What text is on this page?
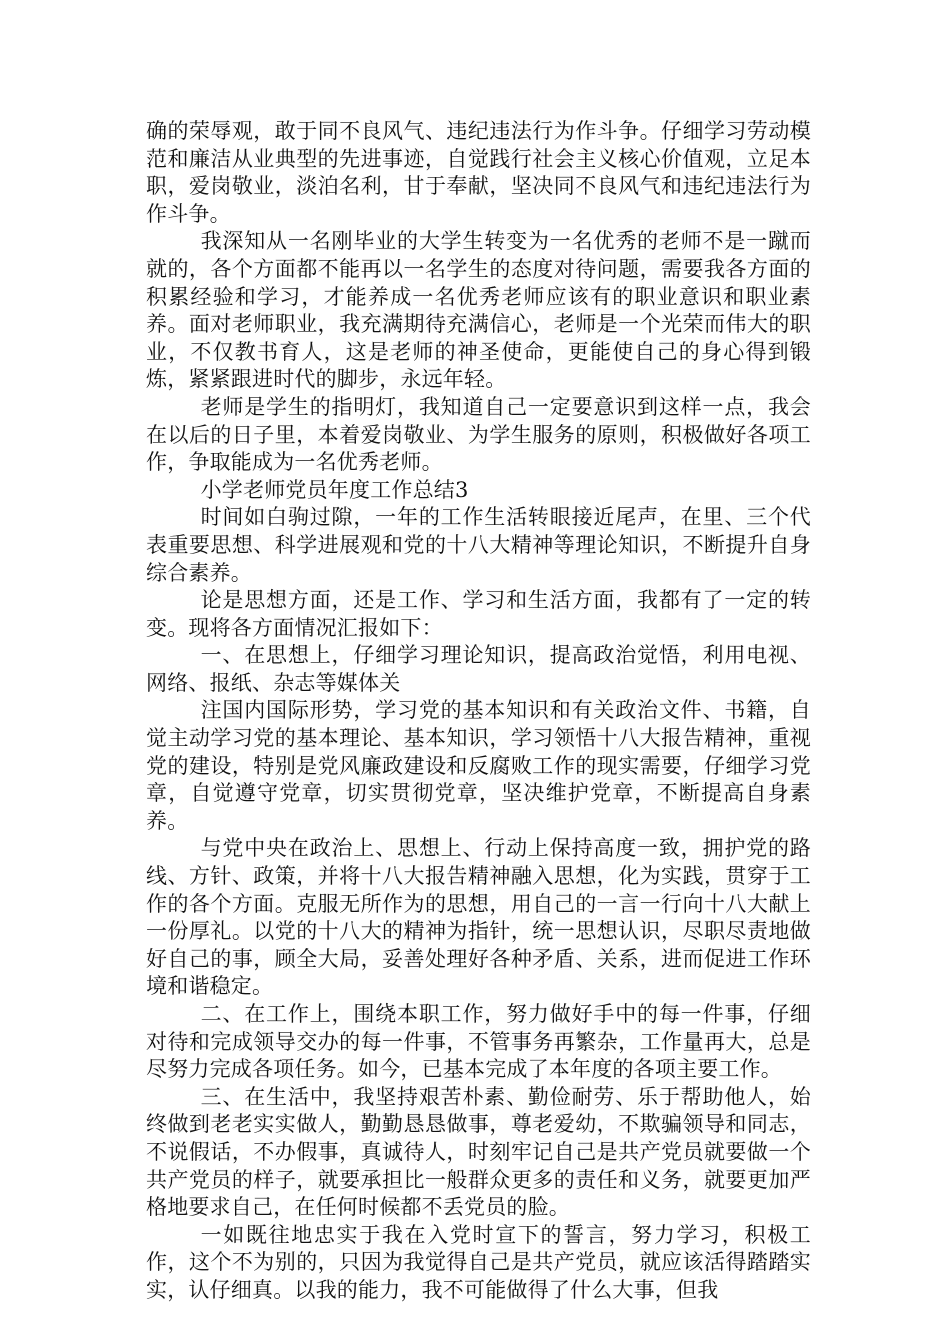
确的荣辱观，敢于同不良风气、违纪违法行为作斗争。仔细学习劳动模范和廉洁从业典型的先进事迹，自觉践行社会主义核心价值观，立足本职，爱岗敬业，淡泊名利，甘于奉献，坚决同不良风气和违纪违法行为作斗争。

我深知从一名刚毕业的大学生转变为一名优秀的老师不是一蹴而就的，各个方面都不能再以一名学生的态度对待问题，需要我各方面的积累经验和学习，才能养成一名优秀老师应该有的职业意识和职业素养。面对老师职业，我充满期待充满信心，老师是一个光荣而伟大的职业，不仅教书育人，这是老师的神圣使命，更能使自己的身心得到锻炼，紧紧跟进时代的脚步，永远年轻。

老师是学生的指明灯，我知道自己一定要意识到这样一点，我会在以后的日子里，本着爱岗敬业、为学生服务的原则，积极做好各项工作，争取能成为一名优秀老师。

小学老师党员年度工作总结3

时间如白驹过隙，一年的工作生活转眼接近尾声，在里、三个代表重要思想、科学进展观和党的十八大精神等理论知识，不断提升自身综合素养。

论是思想方面，还是工作、学习和生活方面，我都有了一定的转变。现将各方面情况汇报如下：

一、在思想上，仔细学习理论知识，提高政治觉悟，利用电视、网络、报纸、杂志等媒体关

注国内国际形势，学习党的基本知识和有关政治文件、书籍，自觉主动学习党的基本理论、基本知识，学习领悟十八大报告精神，重视党的建设，特别是党风廉政建设和反腐败工作的现实需要，仔细学习党章，自觉遵守党章，切实贯彻党章，坚决维护党章，不断提高自身素养。

与党中央在政治上、思想上、行动上保持高度一致，拥护党的路线、方针、政策，并将十八大报告精神融入思想，化为实践，贯穿于工作的各个方面。克服无所作为的思想，用自己的一言一行向十八大献上一份厚礼。以党的十八大的精神为指针，统一思想认识，尽职尽责地做好自己的事，顾全大局，妥善处理好各种矛盾、关系，进而促进工作环境和谐稳定。

二、在工作上，围绕本职工作，努力做好手中的每一件事，仔细对待和完成领导交办的每一件事，不管事务再繁杂，工作量再大，总是尽努力完成各项任务。如今，已基本完成了本年度的各项主要工作。

三、在生活中，我坚持艰苦朴素、勤俭耐劳、乐于帮助他人，始终做到老老实实做人，勤勤恳恳做事，尊老爱幼，不欺骗领导和同志，不说假话，不办假事，真诚待人，时刻牢记自己是共产党员就要做一个共产党员的样子，就要承担比一般群众更多的责任和义务，就要更加严格地要求自己，在任何时候都不丢党员的脸。

一如既往地忠实于我在入党时宣下的誓言，努力学习，积极工作，这个不为别的，只因为我觉得自己是共产党员，就应该活得踏踏实实，认仔细真。以我的能力，我不可能做得了什么大事，但我
